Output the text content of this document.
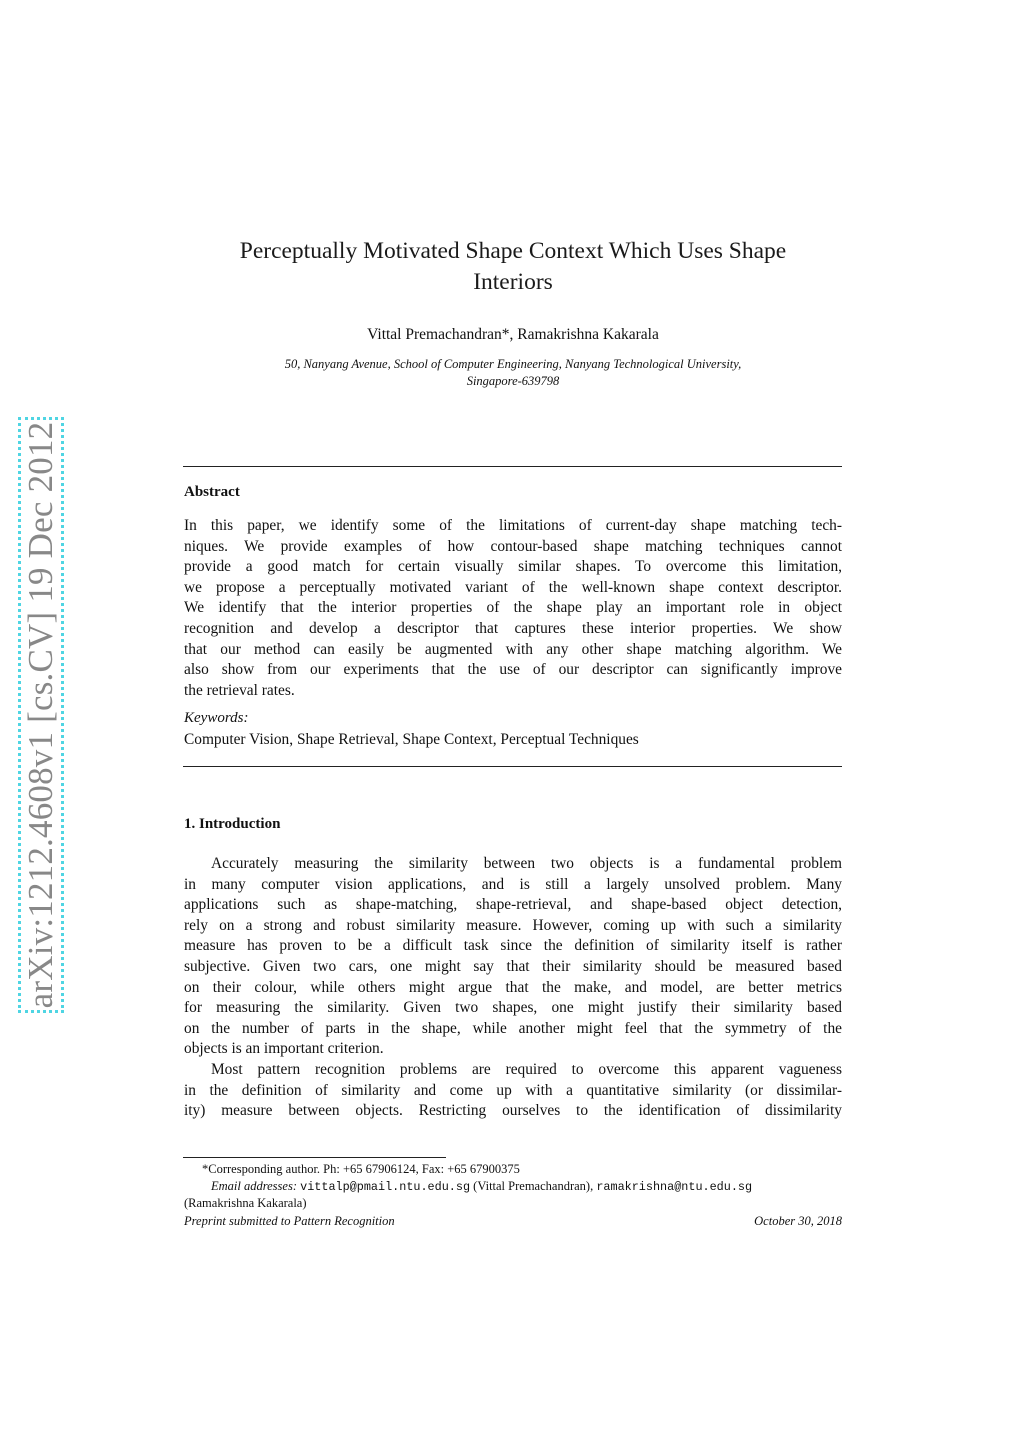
arXiv:1212.4608v1 [cs.CV] 19 Dec 2012
Perceptually Motivated Shape Context Which Uses Shape
Interiors
Vittal Premachandran*, Ramakrishna Kakarala
50, Nanyang Avenue, School of Computer Engineering, Nanyang Technological University,
Singapore-639798
Abstract
In this paper, we identify some of the limitations of current-day shape matching tech-
niques. We provide examples of how contour-based shape matching techniques cannot
provide a good match for certain visually similar shapes. To overcome this limitation,
we propose a perceptually motivated variant of the well-known shape context descriptor.
We identify that the interior properties of the shape play an important role in object
recognition and develop a descriptor that captures these interior properties. We show
that our method can easily be augmented with any other shape matching algorithm. We
also show from our experiments that the use of our descriptor can significantly improve
the retrieval rates.
Keywords:
Computer Vision, Shape Retrieval, Shape Context, Perceptual Techniques
1. Introduction
Accurately measuring the similarity between two objects is a fundamental problem
in many computer vision applications, and is still a largely unsolved problem. Many
applications such as shape-matching, shape-retrieval, and shape-based object detection,
rely on a strong and robust similarity measure. However, coming up with such a similarity
measure has proven to be a difficult task since the definition of similarity itself is rather
subjective. Given two cars, one might say that their similarity should be measured based
on their colour, while others might argue that the make, and model, are better metrics
for measuring the similarity. Given two shapes, one might justify their similarity based
on the number of parts in the shape, while another might feel that the symmetry of the
objects is an important criterion.
Most pattern recognition problems are required to overcome this apparent vagueness
in the definition of similarity and come up with a quantitative similarity (or dissimilar-
ity) measure between objects. Restricting ourselves to the identification of dissimilarity
*Corresponding author. Ph: +65 67906124, Fax: +65 67900375
Email addresses: vittalp@pmail.ntu.edu.sg (Vittal Premachandran), ramakrishna@ntu.edu.sg
(Ramakrishna Kakarala)
Preprint submitted to Pattern Recognition	October 30, 2018
